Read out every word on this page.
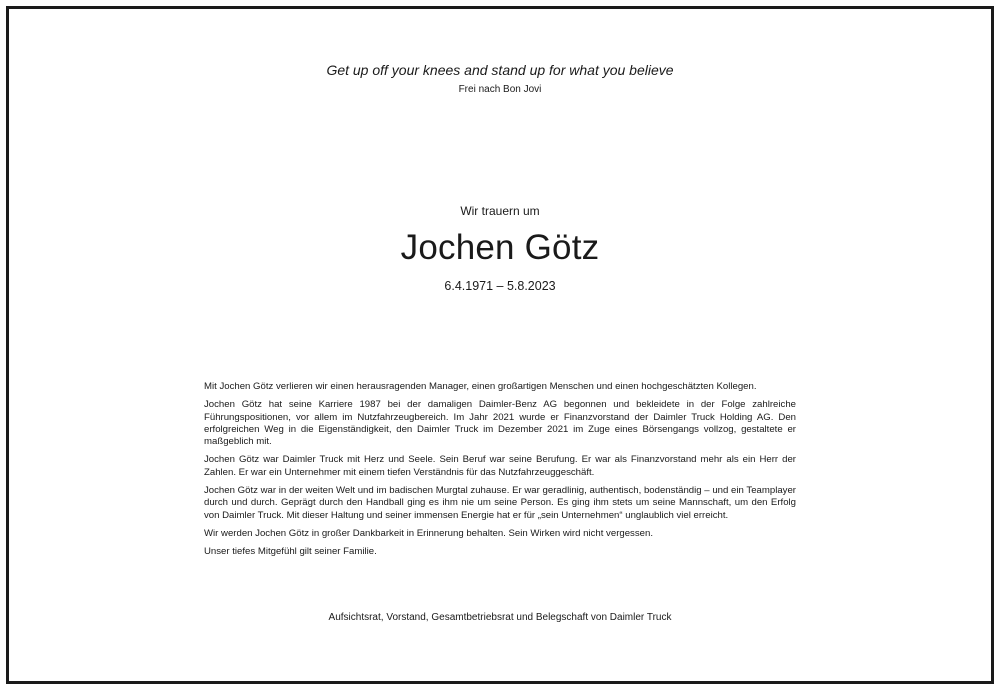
Get up off your knees and stand up for what you believe
Frei nach Bon Jovi
Wir trauern um
Jochen Götz
6.4.1971 – 5.8.2023

Mit Jochen Götz verlieren wir einen herausragenden Manager, einen großartigen Menschen und einen hochgeschätzten Kollegen.

Jochen Götz hat seine Karriere 1987 bei der damaligen Daimler-Benz AG begonnen und bekleidete in der Folge zahlreiche Führungspositionen, vor allem im Nutzfahrzeugbereich. Im Jahr 2021 wurde er Finanzvorstand der Daimler Truck Holding AG. Den erfolgreichen Weg in die Eigenständigkeit, den Daimler Truck im Dezember 2021 im Zuge eines Börsengangs vollzog, gestaltete er maßgeblich mit.

Jochen Götz war Daimler Truck mit Herz und Seele. Sein Beruf war seine Berufung. Er war als Finanzvorstand mehr als ein Herr der Zahlen. Er war ein Unternehmer mit einem tiefen Verständnis für das Nutzfahrzeuggeschäft.

Jochen Götz war in der weiten Welt und im badischen Murgtal zuhause. Er war geradlinig, authentisch, bodenständig – und ein Teamplayer durch und durch. Geprägt durch den Handball ging es ihm nie um seine Person. Es ging ihm stets um seine Mannschaft, um den Erfolg von Daimler Truck. Mit dieser Haltung und seiner immensen Energie hat er für „sein Unternehmen“ unglaublich viel erreicht.

Wir werden Jochen Götz in großer Dankbarkeit in Erinnerung behalten. Sein Wirken wird nicht vergessen.

Unser tiefes Mitgefühl gilt seiner Familie.

Aufsichtsrat, Vorstand, Gesamtbetriebsrat und Belegschaft von Daimler Truck
